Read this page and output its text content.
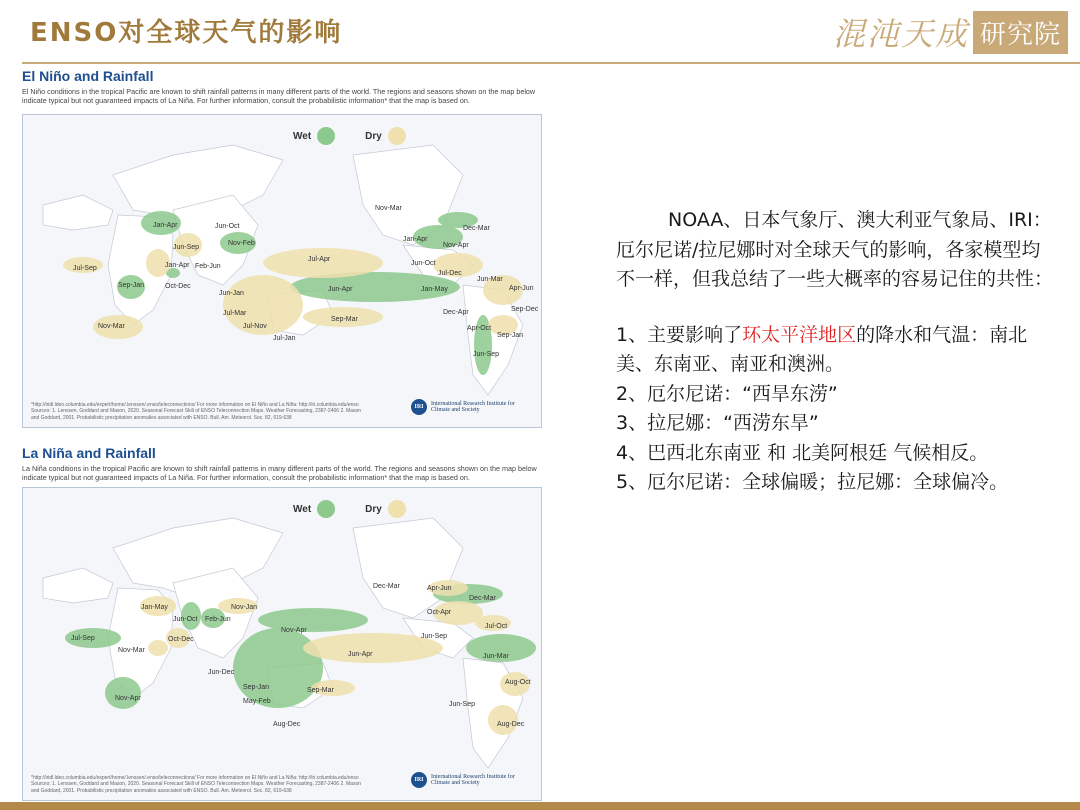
ENSO对全球天气的影响	混沌天成 研究院
El Niño and Rainfall
El Niño conditions in the tropical Pacific are known to shift rainfall patterns in many different parts of the world. The regions and seasons shown on the map below indicate typical but not guaranteed impacts of La Niña. For further information, consult the probabilistic information* that the map is based on.
Nov-Mar
Jan-Apr	Jun-Oct
Jun-Sep
Nov-Feb
Jul-Sep	Jan-Apr Feb-Jun
Sep-Jan	Oct-Dec
Jul-Apr
Jun-Apr	Jan-May
Jan-Apr
Dec-Mar
Nov-Apr
Jun-Oct
Jul-Dec
Jun-Mar
Apr-Jun
Sep-Dec
Dec-Apr
Apr-Oct
Sep-Jan
Jun-Sep
Jun-Jan
Jul-Mar
Jul-Nov
Jul-Jan
Sep-Mar
Nov-Mar
Wet	Dry
*http://iridl.ldeo.columbia.edu/expert/home/.lenssen/.enso/teleconnections/ For more information on El Niño and La Niña: http://iri.columbia.edu/enso Sources: 1. Lenssen, Goddard and Mason, 2020. Seasonal Forecast Skill of ENSO Teleconnection Maps. Weather Forecasting, 2387-2406 2. Mason and Goddard, 2001. Probabilistic precipitation anomalies associated with ENSO. Bull. Am. Meteorol. Soc. 82, 619-638
IRI	International Research Institute for Climate and Society
La Niña and Rainfall
La Niña conditions in the tropical Pacific are known to shift rainfall patterns in many different parts of the world. The regions and seasons shown on the map below indicate typical but not guaranteed impacts of La Niña. For further information, consult the probabilistic information* that the map is based on.
Jan-May	Nov-Jan
Jul-Sep	Oct-Dec
Jun-Oct Feb-Jun
Nov-Mar
Nov-Apr
Nov-Apr
Jun-Dec
Sep-Jan
May-Feb
Aug-Dec
Sep-Mar
Jun-Apr
Dec-Mar	Apr-Jun
Dec-Mar
Oct-Apr
Jun-Sep
Jul-Oct
Jun-Mar
Aug-Oct
Jun-Sep
Aug-Dec
Wet	Dry
*http://iridl.ldeo.columbia.edu/expert/home/.lenssen/.enso/teleconnections/ For more information on El Niño and La Niña: http://iri.columbia.edu/enso Sources: 1. Lenssen, Goddard and Mason, 2020. Seasonal Forecast Skill of ENSO Teleconnection Maps. Weather Forecasting, 2387-2406 2. Mason and Goddard, 2001. Probabilistic precipitation anomalies associated with ENSO. Bull. Am. Meteorol. Soc. 82, 619-638
IRI	International Research Institute for Climate and Society

NOAA、日本气象厅、澳大利亚气象局、IRI：厄尔尼诺/拉尼娜时对全球天气的影响，各家模型均不一样，但我总结了一些大概率的容易记住的共性：

1、主要影响了环太平洋地区的降水和气温：南北美、东南亚、南亚和澳洲。

2、厄尔尼诺：“西旱东涝”

3、拉尼娜：“西涝东旱”

4、巴西北东南亚 和 北美阿根廷 气候相反。

5、厄尔尼诺：全球偏暖；拉尼娜：全球偏冷。
